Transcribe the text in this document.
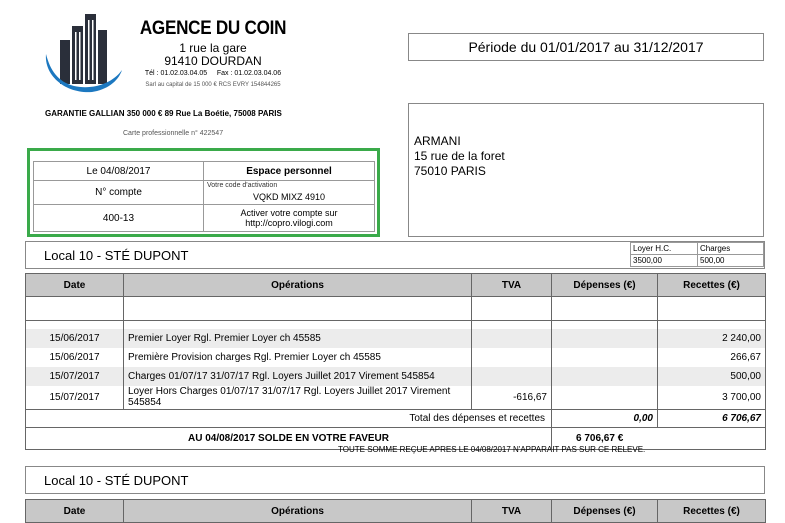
AGENCE DU COIN
1 rue la gare
91410 DOURDAN
Tél : 01.02.03.04.05     Fax : 01.02.03.04.06
Sarl au capital de 15 000 € RCS EVRY 154844265
GARANTIE GALLIAN 350 000 € 89 Rue La Boétie, 75008 PARIS
Carte professionnelle n° 422547
Période du 01/01/2017 au 31/12/2017
Le 04/08/2017	Espace personnel
N° compte	Votre code d'activation
VQKD MIXZ 4910

400-13	Activer votre compte sur
http://copro.vilogi.com
ARMANI
15 rue de la foret
75010 PARIS
Local 10 - STÉ DUPONT	Loyer H.C.	Charges
3500,00	500,00
Date	Opérations	TVA	Dépenses (€)	Recettes (€)

15/06/2017	Premier Loyer Rgl. Premier Loyer ch 45585			2 240,00
15/06/2017	Première Provision charges Rgl. Premier Loyer ch 45585			266,67
15/07/2017	Charges 01/07/17 31/07/17 Rgl. Loyers Juillet 2017 Virement 545854			500,00
15/07/2017	Loyer Hors Charges 01/07/17 31/07/17 Rgl. Loyers Juillet 2017 Virement 545854	-616,67		3 700,00
Total des dépenses et recettes			0,00	6 706,67
AU 04/08/2017 SOLDE EN VOTRE FAVEUR			6 706,67 €	
TOUTE SOMME REÇUE APRES LE 04/08/2017 N'APPARAIT PAS SUR CE RELEVE.
Local 10 - STÉ DUPONT
Date	Opérations	TVA	Dépenses (€)	Recettes (€)
